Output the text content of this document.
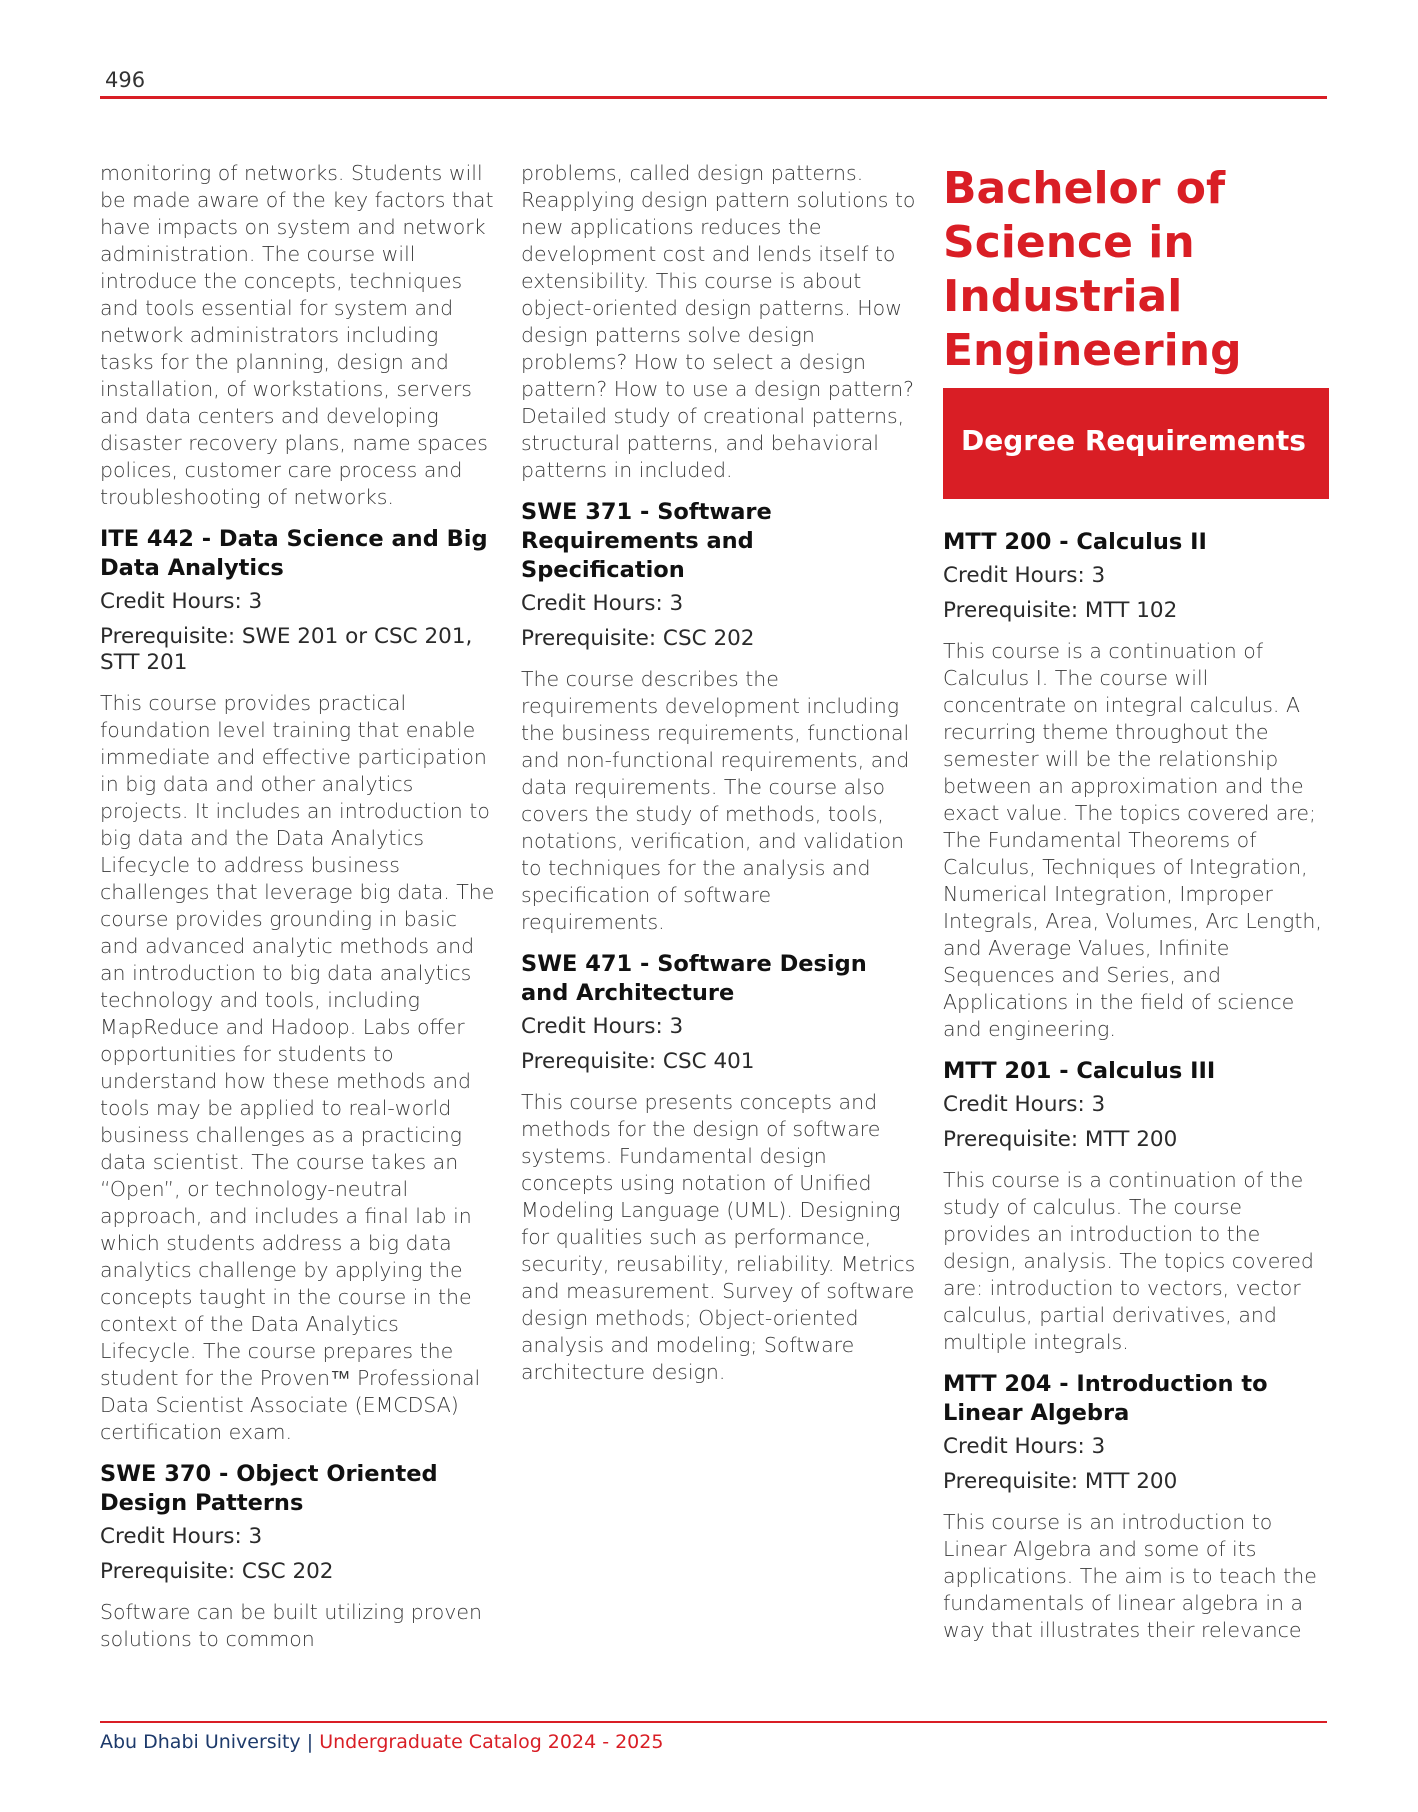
496

monitoring of networks. Students will be made aware of the key factors that have impacts on system and network administration. The course will introduce the concepts, techniques and tools essential for system and network administrators including tasks for the planning, design and installation, of workstations, servers and data centers and developing disaster recovery plans, name spaces polices, customer care process and troubleshooting of networks.

ITE 442 - Data Science and Big Data Analytics
Credit Hours: 3
Prerequisite: SWE 201 or CSC 201, STT 201

This course provides practical foundation level training that enable immediate and effective participation in big data and other analytics projects. It includes an introduction to big data and the Data Analytics Lifecycle to address business challenges that leverage big data. The course provides grounding in basic and advanced analytic methods and an introduction to big data analytics technology and tools, including MapReduce and Hadoop. Labs offer opportunities for students to understand how these methods and tools may be applied to real-world business challenges as a practicing data scientist. The course takes an “Open”, or technology-neutral approach, and includes a final lab in which students address a big data analytics challenge by applying the concepts taught in the course in the context of the Data Analytics Lifecycle. The course prepares the student for the Proven™ Professional Data Scientist Associate (EMCDSA) certification exam.

SWE 370 - Object Oriented Design Patterns
Credit Hours: 3
Prerequisite: CSC 202

Software can be built utilizing proven solutions to common

problems, called design patterns. Reapplying design pattern solutions to new applications reduces the development cost and lends itself to extensibility. This course is about object-oriented design patterns. How design patterns solve design problems? How to select a design pattern? How to use a design pattern? Detailed study of creational patterns, structural patterns, and behavioral patterns in included.

SWE 371 - Software Requirements and Specification
Credit Hours: 3
Prerequisite: CSC 202

The course describes the requirements development including the business requirements, functional and non-functional requirements, and data requirements. The course also covers the study of methods, tools, notations, verification, and validation to techniques for the analysis and specification of software requirements.

SWE 471 - Software Design and Architecture
Credit Hours: 3
Prerequisite: CSC 401

This course presents concepts and methods for the design of software systems. Fundamental design concepts using notation of Unified Modeling Language (UML). Designing for qualities such as performance, security, reusability, reliability. Metrics and measurement. Survey of software design methods; Object-oriented analysis and modeling; Software architecture design.

Bachelor of
Science in
Industrial
Engineering
Degree Requirements
MTT 200 - Calculus II
Credit Hours: 3
Prerequisite: MTT 102

This course is a continuation of Calculus I. The course will concentrate on integral calculus. A recurring theme throughout the semester will be the relationship between an approximation and the exact value. The topics covered are; The Fundamental Theorems of Calculus, Techniques of Integration, Numerical Integration, Improper Integrals, Area, Volumes, Arc Length, and Average Values, Infinite Sequences and Series, and Applications in the field of science and engineering.

MTT 201 - Calculus III
Credit Hours: 3
Prerequisite: MTT 200

This course is a continuation of the study of calculus. The course provides an introduction to the design, analysis. The topics covered are: introduction to vectors, vector calculus, partial derivatives, and multiple integrals.

MTT 204 - Introduction to Linear Algebra
Credit Hours: 3
Prerequisite: MTT 200

This course is an introduction to Linear Algebra and some of its applications. The aim is to teach the fundamentals of linear algebra in a way that illustrates their relevance

Abu Dhabi University | Undergraduate Catalog 2024 - 2025
